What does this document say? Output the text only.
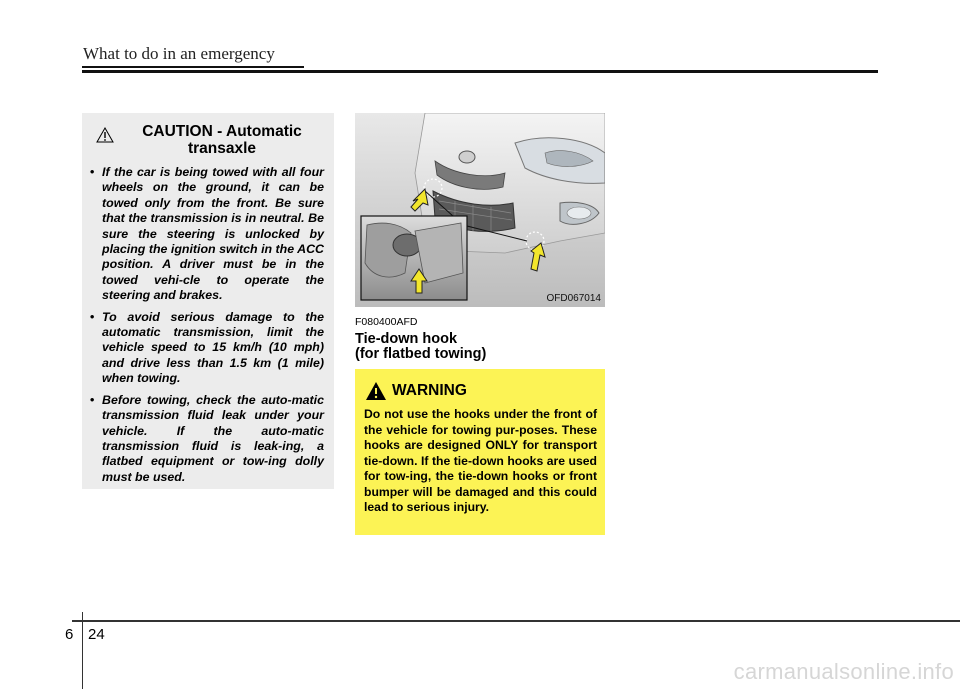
What to do in an emergency
CAUTION - Automatic
transaxle
• If the car is being towed with all four wheels on the ground, it can be towed only from the front. Be sure that the transmission is in neutral. Be sure the steering is unlocked by placing the ignition switch in the ACC position. A driver must be in the towed vehi-cle to operate the steering and brakes.
• To avoid serious damage to the automatic transmission, limit the vehicle speed to 15 km/h (10 mph) and drive less than 1.5 km (1 mile) when towing.
• Before towing, check the auto-matic transmission fluid leak under your vehicle. If the auto-matic transmission fluid is leak-ing, a flatbed equipment or tow-ing dolly must be used.
OFD067014
F080400AFD
Tie-down hook
(for flatbed towing)
WARNING
Do not use the hooks under the front of the vehicle for towing pur-poses. These hooks are designed ONLY for transport tie-down. If the tie-down hooks are used for tow-ing, the tie-down hooks or front bumper will be damaged and this could lead to serious injury.
6 24
carmanualsonline.info
